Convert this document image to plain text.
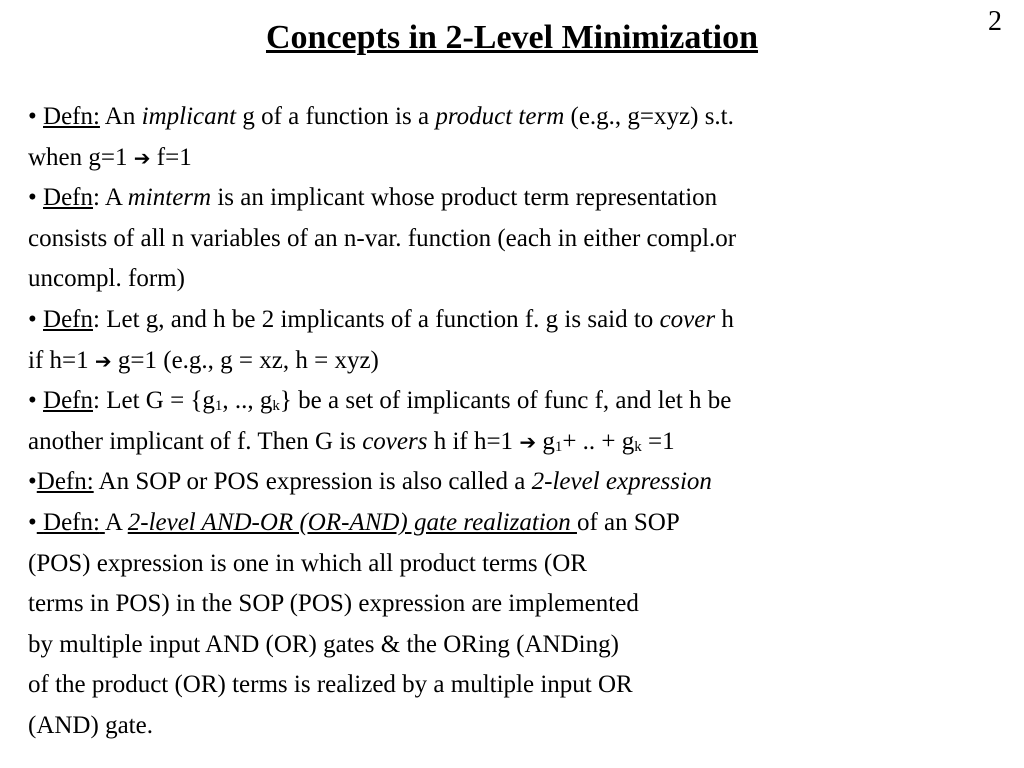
Concepts in 2-Level Minimization	2
• Defn: An implicant g of a function is a product term (e.g., g=xyz) s.t.
when g=1 ➔ f=1
• Defn: A minterm is an implicant whose product term representation
consists of all n variables of an n-var. function (each in either compl.or
uncompl. form)
• Defn: Let g, and h be 2 implicants of a function f. g is said to cover h
if h=1 ➔ g=1 (e.g., g = xz, h = xyz)
• Defn: Let $G = \{g_1$, .., $g_k$} be a set of implicants of func f, and let h be
another implicant of f. Then G is covers h if h=1 ➔ $g_1+$ .. + $g_k =1$
•Defn: An SOP or POS expression is also called a 2-level expression
• Defn: A 2-level AND-OR (OR-AND) gate realization of an SOP
(POS) expression is one in which all product terms (OR
terms in POS) in the SOP (POS) expression are implemented
by multiple input AND (OR) gates & the ORing (ANDing)
of the product (OR) terms is realized by a multiple input OR
(AND) gate.
